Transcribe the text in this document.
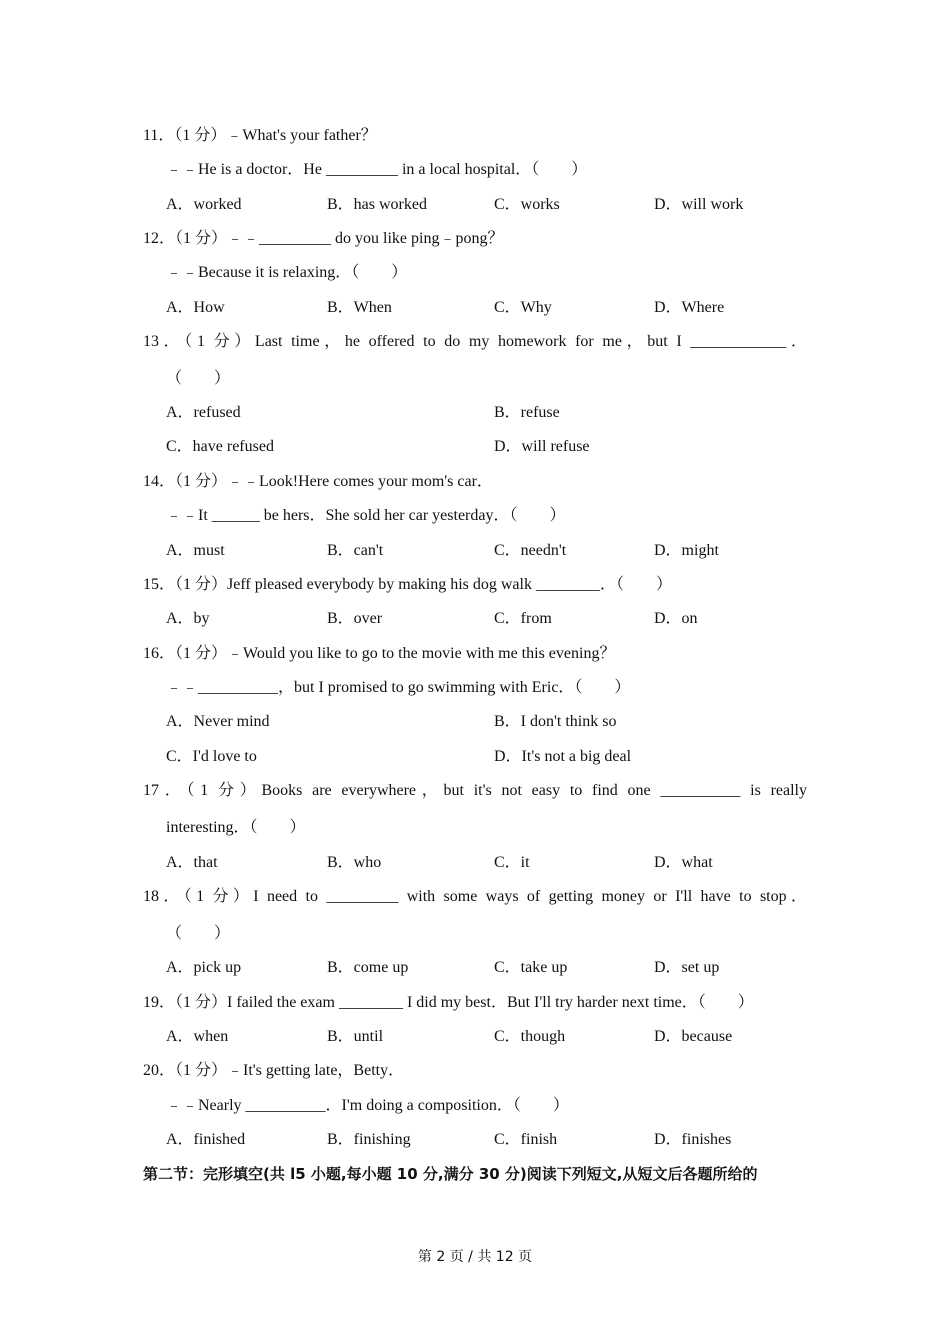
11．（1 分）﹣What's your father？
﹣﹣He is a doctor．He _________ in a local hospital．（　　）
A．worked	B．has worked	C．works	D．will work
12．（1 分）﹣﹣_________ do you like ping﹣pong？
﹣﹣Because it is relaxing．（　　）
A．How	B．When	C．Why	D．Where
13．（1 分）Last time，he offered to do my homework for me，but I ____________．
（　　）
A．refused	B．refuse
C．have refused	D．will refuse
14．（1 分）﹣﹣Look!Here comes your mom's car．
﹣﹣It ______ be hers．She sold her car yesterday．（　　）
A．must	B．can't	C．needn't	D．might
15．（1 分）Jeff pleased everybody by making his dog walk ________．（　　）
A．by	B．over	C．from	D．on
16．（1 分）﹣Would you like to go to the movie with me this evening？
﹣﹣__________，but I promised to go swimming with Eric．（　　）
A．Never mind	B．I don't think so
C．I'd love to	D．It's not a big deal
17．（1 分）Books are everywhere，but it's not easy to find one __________ is really
interesting．（　　）
A．that	B．who	C．it	D．what
18．（1 分）I need to _________ with some ways of getting money or I'll have to stop．
（　　）
A．pick up	B．come up	C．take up	D．set up
19．（1 分）I failed the exam ________ I did my best．But I'll try harder next time．（　　）
A．when	B．until	C．though	D．because
20．（1 分）﹣It's getting late，Betty．
﹣﹣Nearly __________．I'm doing a composition．（　　）
A．finished	B．finishing	C．finish	D．finishes
第二节：完形填空(共 l5 小题,每小题 10 分,满分 30 分)阅读下列短文,从短文后各题所给的
第 2 页 / 共 12 页
